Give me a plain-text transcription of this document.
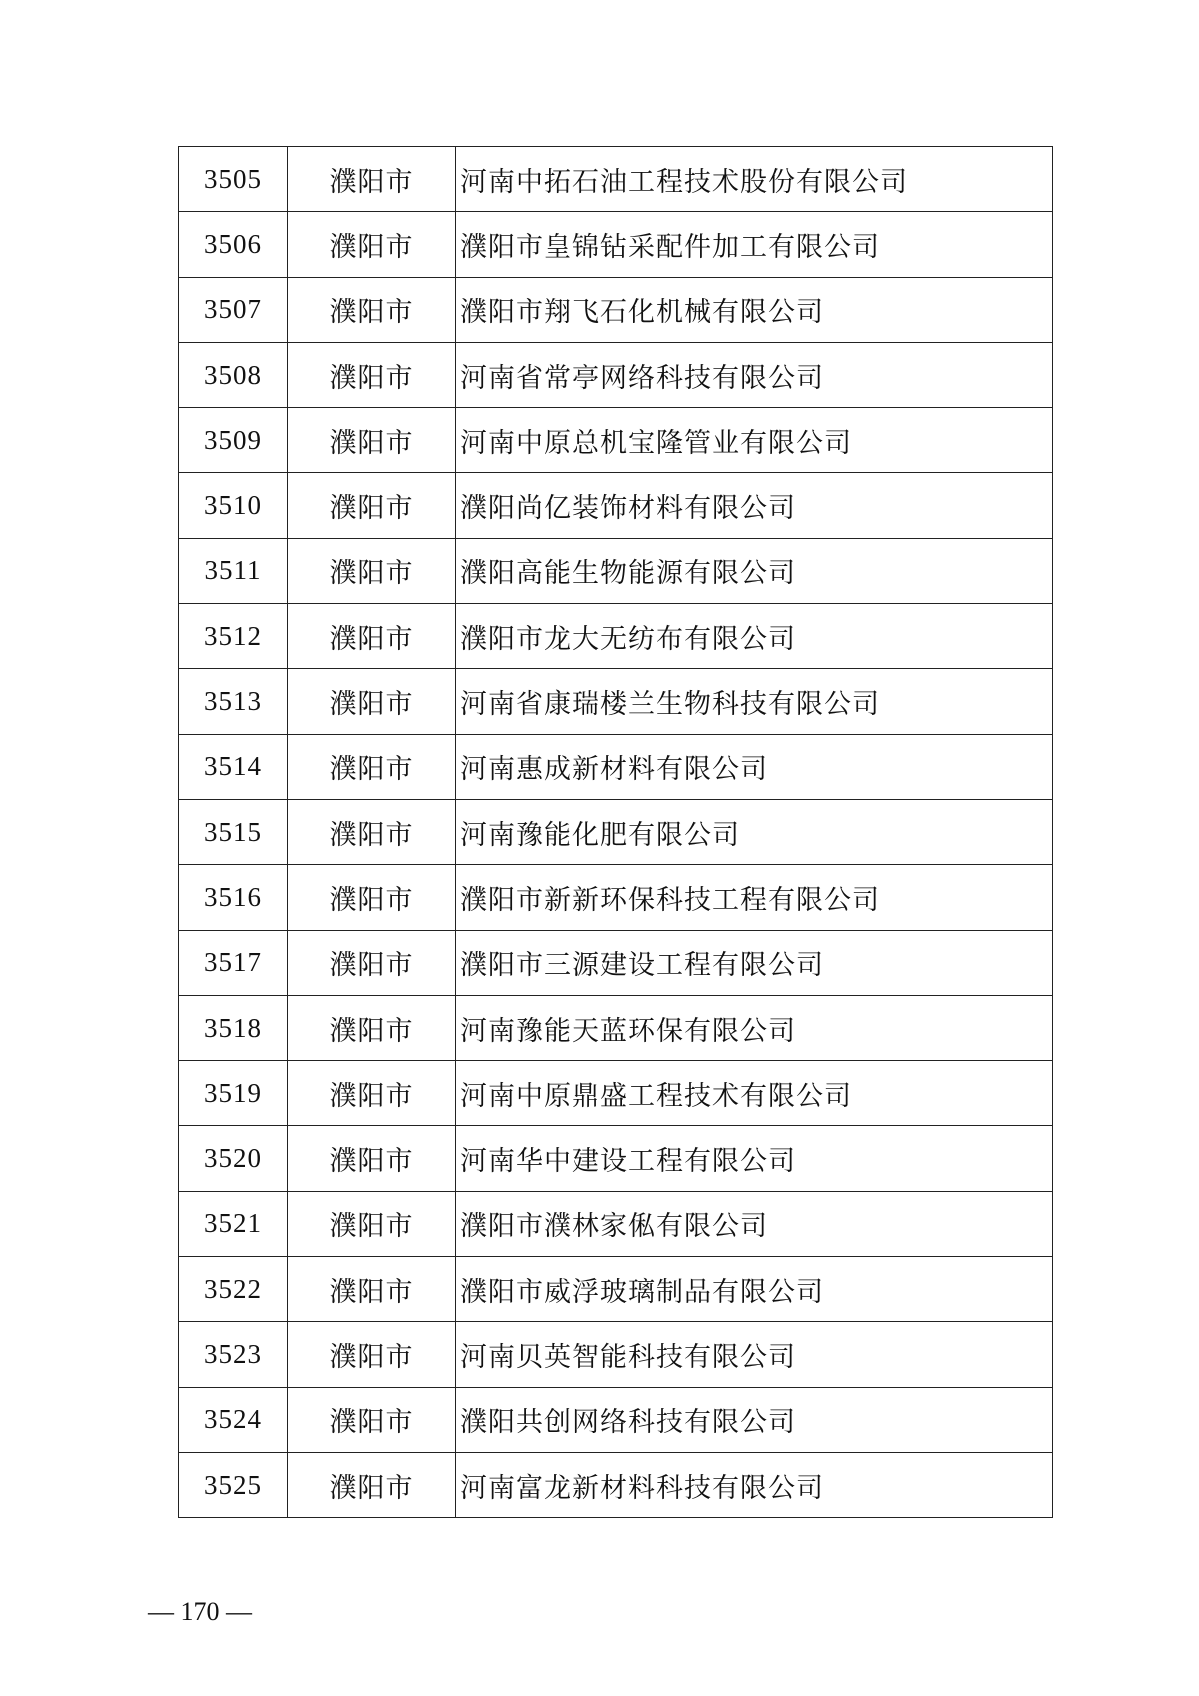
3505	濮阳市	河南中拓石油工程技术股份有限公司
3506	濮阳市	濮阳市皇锦钻采配件加工有限公司
3507	濮阳市	濮阳市翔飞石化机械有限公司
3508	濮阳市	河南省常亭网络科技有限公司
3509	濮阳市	河南中原总机宝隆管业有限公司
3510	濮阳市	濮阳尚亿装饰材料有限公司
3511	濮阳市	濮阳高能生物能源有限公司
3512	濮阳市	濮阳市龙大无纺布有限公司
3513	濮阳市	河南省康瑞楼兰生物科技有限公司
3514	濮阳市	河南惠成新材料有限公司
3515	濮阳市	河南豫能化肥有限公司
3516	濮阳市	濮阳市新新环保科技工程有限公司
3517	濮阳市	濮阳市三源建设工程有限公司
3518	濮阳市	河南豫能天蓝环保有限公司
3519	濮阳市	河南中原鼎盛工程技术有限公司
3520	濮阳市	河南华中建设工程有限公司
3521	濮阳市	濮阳市濮林家俬有限公司
3522	濮阳市	濮阳市威浮玻璃制品有限公司
3523	濮阳市	河南贝英智能科技有限公司
3524	濮阳市	濮阳共创网络科技有限公司
3525	濮阳市	河南富龙新材料科技有限公司
— 170 —
